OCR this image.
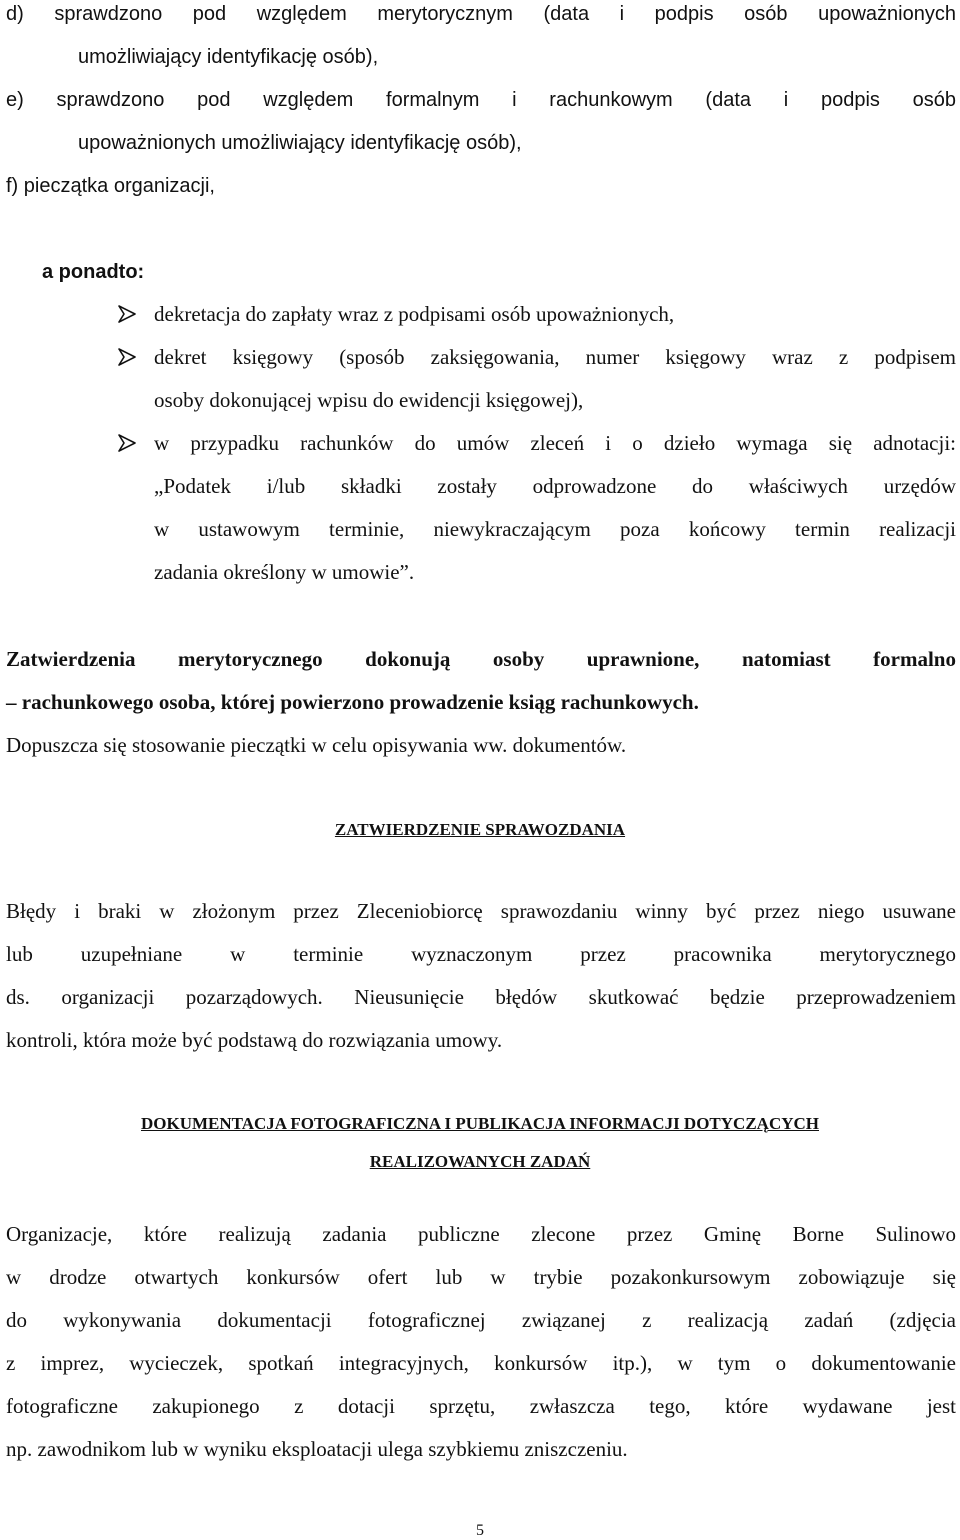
d) sprawdzono pod względem merytorycznym (data i podpis osób upoważnionych
umożliwiający identyfikację osób),
e) sprawdzono pod względem formalnym i rachunkowym (data i podpis osób
upoważnionych umożliwiający identyfikację osób),
f) pieczątka organizacji,
a ponadto:
dekretacja do zapłaty wraz z podpisami osób upoważnionych,
dekret księgowy (sposób zaksięgowania, numer księgowy wraz z podpisem
osoby dokonującej wpisu do ewidencji księgowej),
w przypadku rachunków do umów zleceń i o dzieło wymaga się adnotacji:
„Podatek i/lub składki zostały odprowadzone do właściwych urzędów
w ustawowym terminie, niewykraczającym poza końcowy termin realizacji
zadania określony w umowie”.
Zatwierdzenia merytorycznego dokonują osoby uprawnione, natomiast formalno
– rachunkowego osoba, której powierzono prowadzenie ksiąg rachunkowych.
Dopuszcza się stosowanie pieczątki w celu opisywania ww. dokumentów.
ZATWIERDZENIE SPRAWOZDANIA
Błędy i braki w złożonym przez Zleceniobiorcę sprawozdaniu winny być przez niego usuwane
lub uzupełniane w terminie wyznaczonym przez pracownika merytorycznego
ds. organizacji pozarządowych. Nieusunięcie błędów skutkować będzie przeprowadzeniem
kontroli, która może być podstawą do rozwiązania umowy.
DOKUMENTACJA FOTOGRAFICZNA I PUBLIKACJA INFORMACJI DOTYCZĄCYCH
REALIZOWANYCH ZADAŃ
Organizacje, które realizują zadania publiczne zlecone przez Gminę Borne Sulinowo
w drodze otwartych konkursów ofert lub w trybie pozakonkursowym zobowiązuje się
do wykonywania dokumentacji fotograficznej związanej z realizacją zadań (zdjęcia
z imprez, wycieczek, spotkań integracyjnych, konkursów itp.), w tym o dokumentowanie
fotograficzne zakupionego z dotacji sprzętu, zwłaszcza tego, które wydawane jest
np. zawodnikom lub w wyniku eksploatacji ulega szybkiemu zniszczeniu.
5
